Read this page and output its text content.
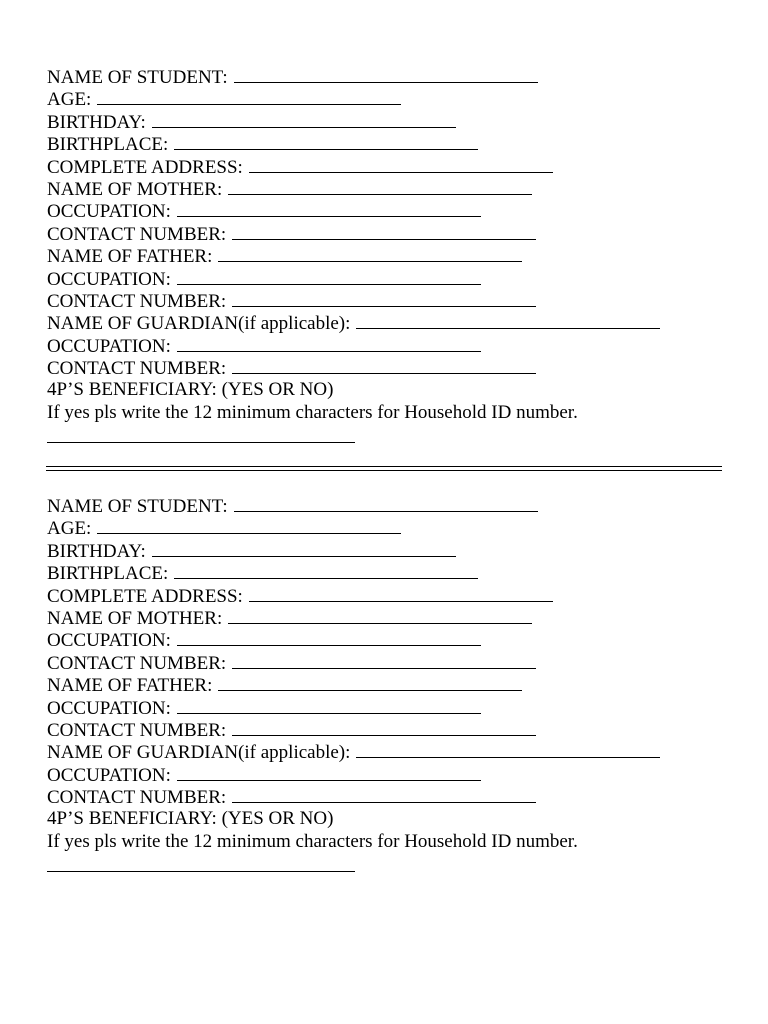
NAME OF STUDENT:
AGE:
BIRTHDAY:
BIRTHPLACE:
COMPLETE ADDRESS:
NAME OF MOTHER:
OCCUPATION:
CONTACT NUMBER:
NAME OF FATHER:
OCCUPATION:
CONTACT NUMBER:
NAME OF GUARDIAN(if applicable):
OCCUPATION:
CONTACT NUMBER:
4P’S BENEFICIARY: (YES OR NO)
If yes pls write the 12 minimum characters for Household ID number.
NAME OF STUDENT:
AGE:
BIRTHDAY:
BIRTHPLACE:
COMPLETE ADDRESS:
NAME OF MOTHER:
OCCUPATION:
CONTACT NUMBER:
NAME OF FATHER:
OCCUPATION:
CONTACT NUMBER:
NAME OF GUARDIAN(if applicable):
OCCUPATION:
CONTACT NUMBER:
4P’S BENEFICIARY: (YES OR NO)
If yes pls write the 12 minimum characters for Household ID number.
